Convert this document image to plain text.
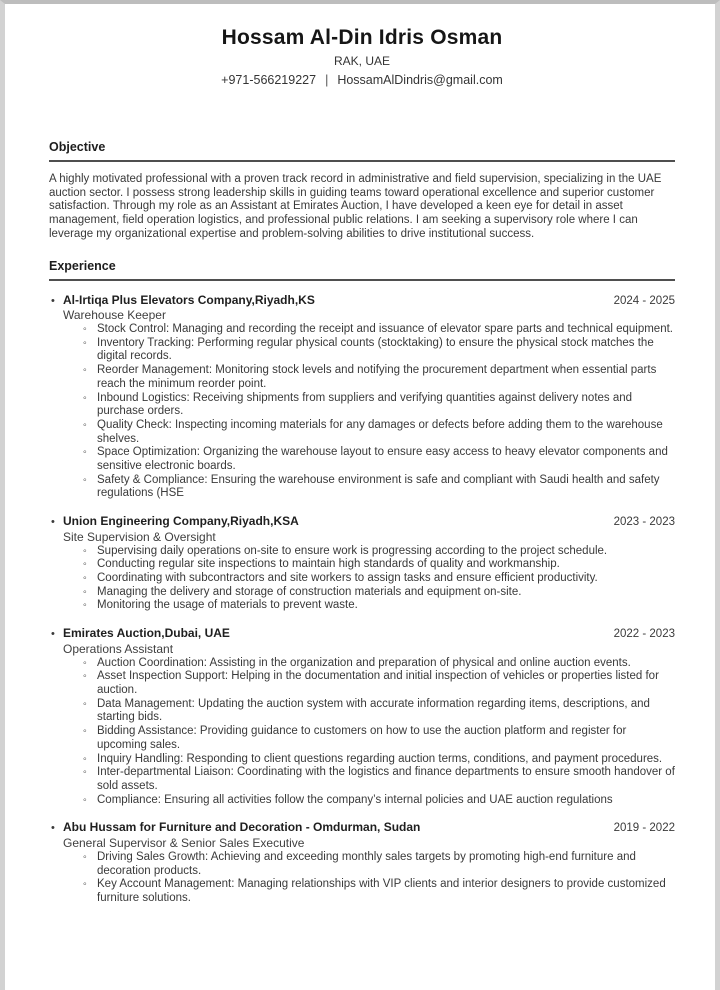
Hossam Al-Din Idris Osman
RAK, UAE
+971-566219227 | HossamAlDindris@gmail.com
Objective
A highly motivated professional with a proven track record in administrative and field supervision, specializing in the UAE auction sector. I possess strong leadership skills in guiding teams toward operational excellence and superior customer satisfaction. Through my role as an Assistant at Emirates Auction, I have developed a keen eye for detail in asset management, field operation logistics, and professional public relations. I am seeking a supervisory role where I can leverage my organizational expertise and problem-solving abilities to drive institutional success.
Experience
• Al-Irtiqa Plus Elevators Company,Riyadh,KS	2024 - 2025
Warehouse Keeper
◦ Stock Control: Managing and recording the receipt and issuance of elevator spare parts and technical equipment.
◦ Inventory Tracking: Performing regular physical counts (stocktaking) to ensure the physical stock matches the digital records.
◦ Reorder Management: Monitoring stock levels and notifying the procurement department when essential parts reach the minimum reorder point.
◦ Inbound Logistics: Receiving shipments from suppliers and verifying quantities against delivery notes and purchase orders.
◦ Quality Check: Inspecting incoming materials for any damages or defects before adding them to the warehouse shelves.
◦ Space Optimization: Organizing the warehouse layout to ensure easy access to heavy elevator components and sensitive electronic boards.
◦ Safety & Compliance: Ensuring the warehouse environment is safe and compliant with Saudi health and safety regulations (HSE
• Union Engineering Company,Riyadh,KSA	2023 - 2023
Site Supervision & Oversight
◦ Supervising daily operations on-site to ensure work is progressing according to the project schedule.
◦ Conducting regular site inspections to maintain high standards of quality and workmanship.
◦ Coordinating with subcontractors and site workers to assign tasks and ensure efficient productivity.
◦ Managing the delivery and storage of construction materials and equipment on-site.
◦ Monitoring the usage of materials to prevent waste.
• Emirates Auction,Dubai, UAE	2022 - 2023
Operations Assistant
◦ Auction Coordination: Assisting in the organization and preparation of physical and online auction events.
◦ Asset Inspection Support: Helping in the documentation and initial inspection of vehicles or properties listed for auction.
◦ Data Management: Updating the auction system with accurate information regarding items, descriptions, and starting bids.
◦ Bidding Assistance: Providing guidance to customers on how to use the auction platform and register for upcoming sales.
◦ Inquiry Handling: Responding to client questions regarding auction terms, conditions, and payment procedures.
◦ Inter-departmental Liaison: Coordinating with the logistics and finance departments to ensure smooth handover of sold assets.
◦ Compliance: Ensuring all activities follow the company’s internal policies and UAE auction regulations
• Abu Hussam for Furniture and Decoration - Omdurman, Sudan	2019 - 2022
General Supervisor & Senior Sales Executive
◦ Driving Sales Growth: Achieving and exceeding monthly sales targets by promoting high-end furniture and decoration products.
◦ Key Account Management: Managing relationships with VIP clients and interior designers to provide customized furniture solutions.
